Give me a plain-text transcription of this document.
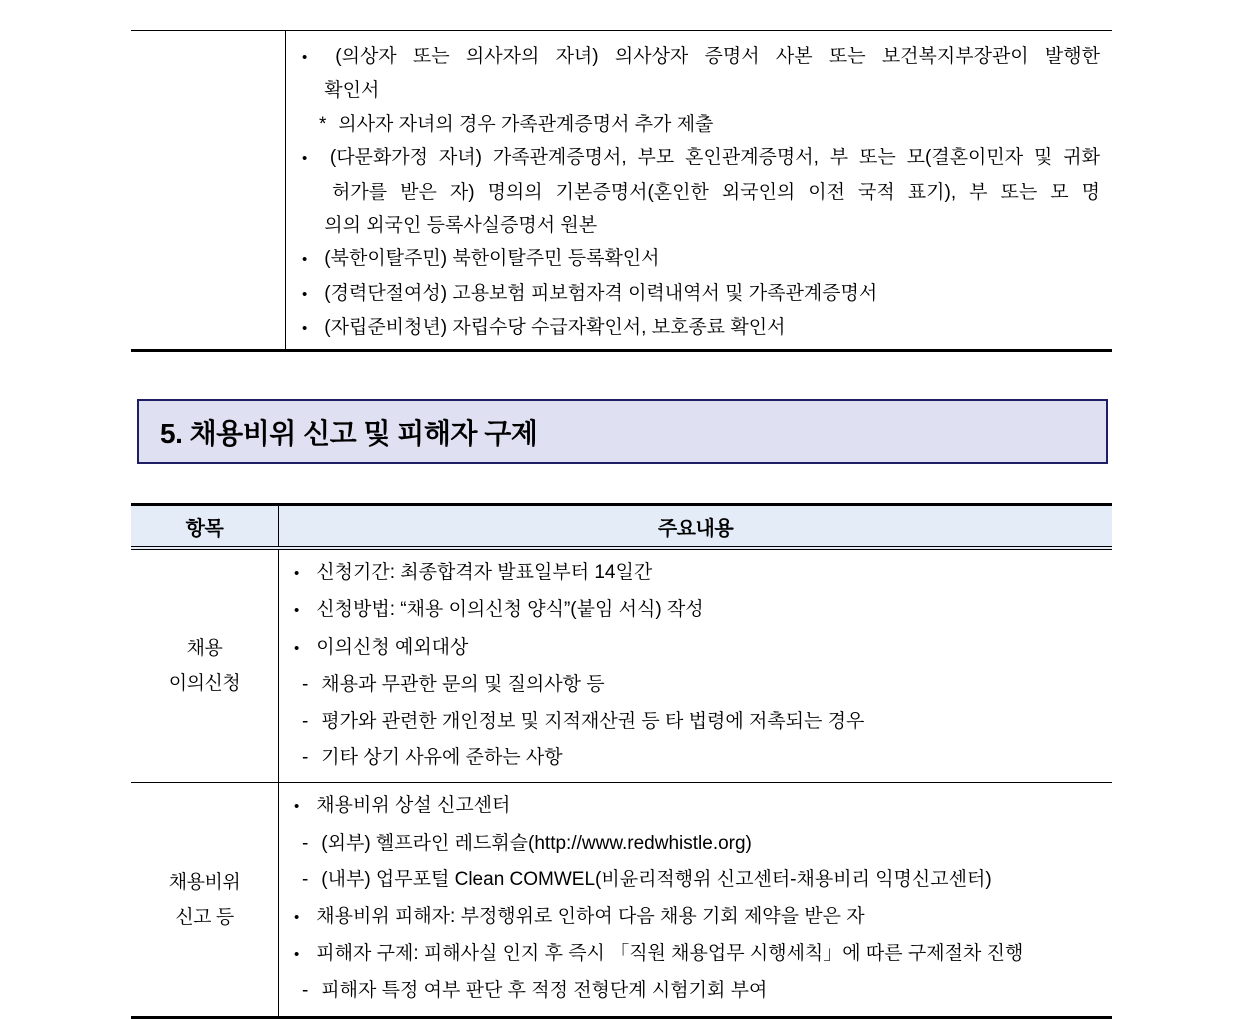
• (의상자 또는 의사자의 자녀) 의사상자 증명서 사본 또는 보건복지부장관이 발행한
확인서
* 의사자 자녀의 경우 가족관계증명서 추가 제출
• (다문화가정 자녀) 가족관계증명서, 부모 혼인관계증명서, 부 또는 모(결혼이민자 및 귀화
허가를 받은 자) 명의의 기본증명서(혼인한 외국인의 이전 국적 표기), 부 또는 모 명
의의 외국인 등록사실증명서 원본
• (북한이탈주민) 북한이탈주민 등록확인서
• (경력단절여성) 고용보험 피보험자격 이력내역서 및 가족관계증명서
• (자립준비청년) 자립수당 수급자확인서, 보호종료 확인서
5. 채용비위 신고 및 피해자 구제
항목	주요내용
채용
이의신청
• 신청기간: 최종합격자 발표일부터 14일간
• 신청방법: “채용 이의신청 양식”(붙임 서식) 작성
• 이의신청 예외대상
- 채용과 무관한 문의 및 질의사항 등
- 평가와 관련한 개인정보 및 지적재산권 등 타 법령에 저촉되는 경우
- 기타 상기 사유에 준하는 사항
채용비위
신고 등
• 채용비위 상설 신고센터
- (외부) 헬프라인 레드휘슬(http://www.redwhistle.org)
- (내부) 업무포털 Clean COMWEL(비윤리적행위 신고센터-채용비리 익명신고센터)
• 채용비위 피해자: 부정행위로 인하여 다음 채용 기회 제약을 받은 자
• 피해자 구제: 피해사실 인지 후 즉시 「직원 채용업무 시행세칙」에 따른 구제절차 진행
- 피해자 특정 여부 판단 후 적정 전형단계 시험기회 부여
